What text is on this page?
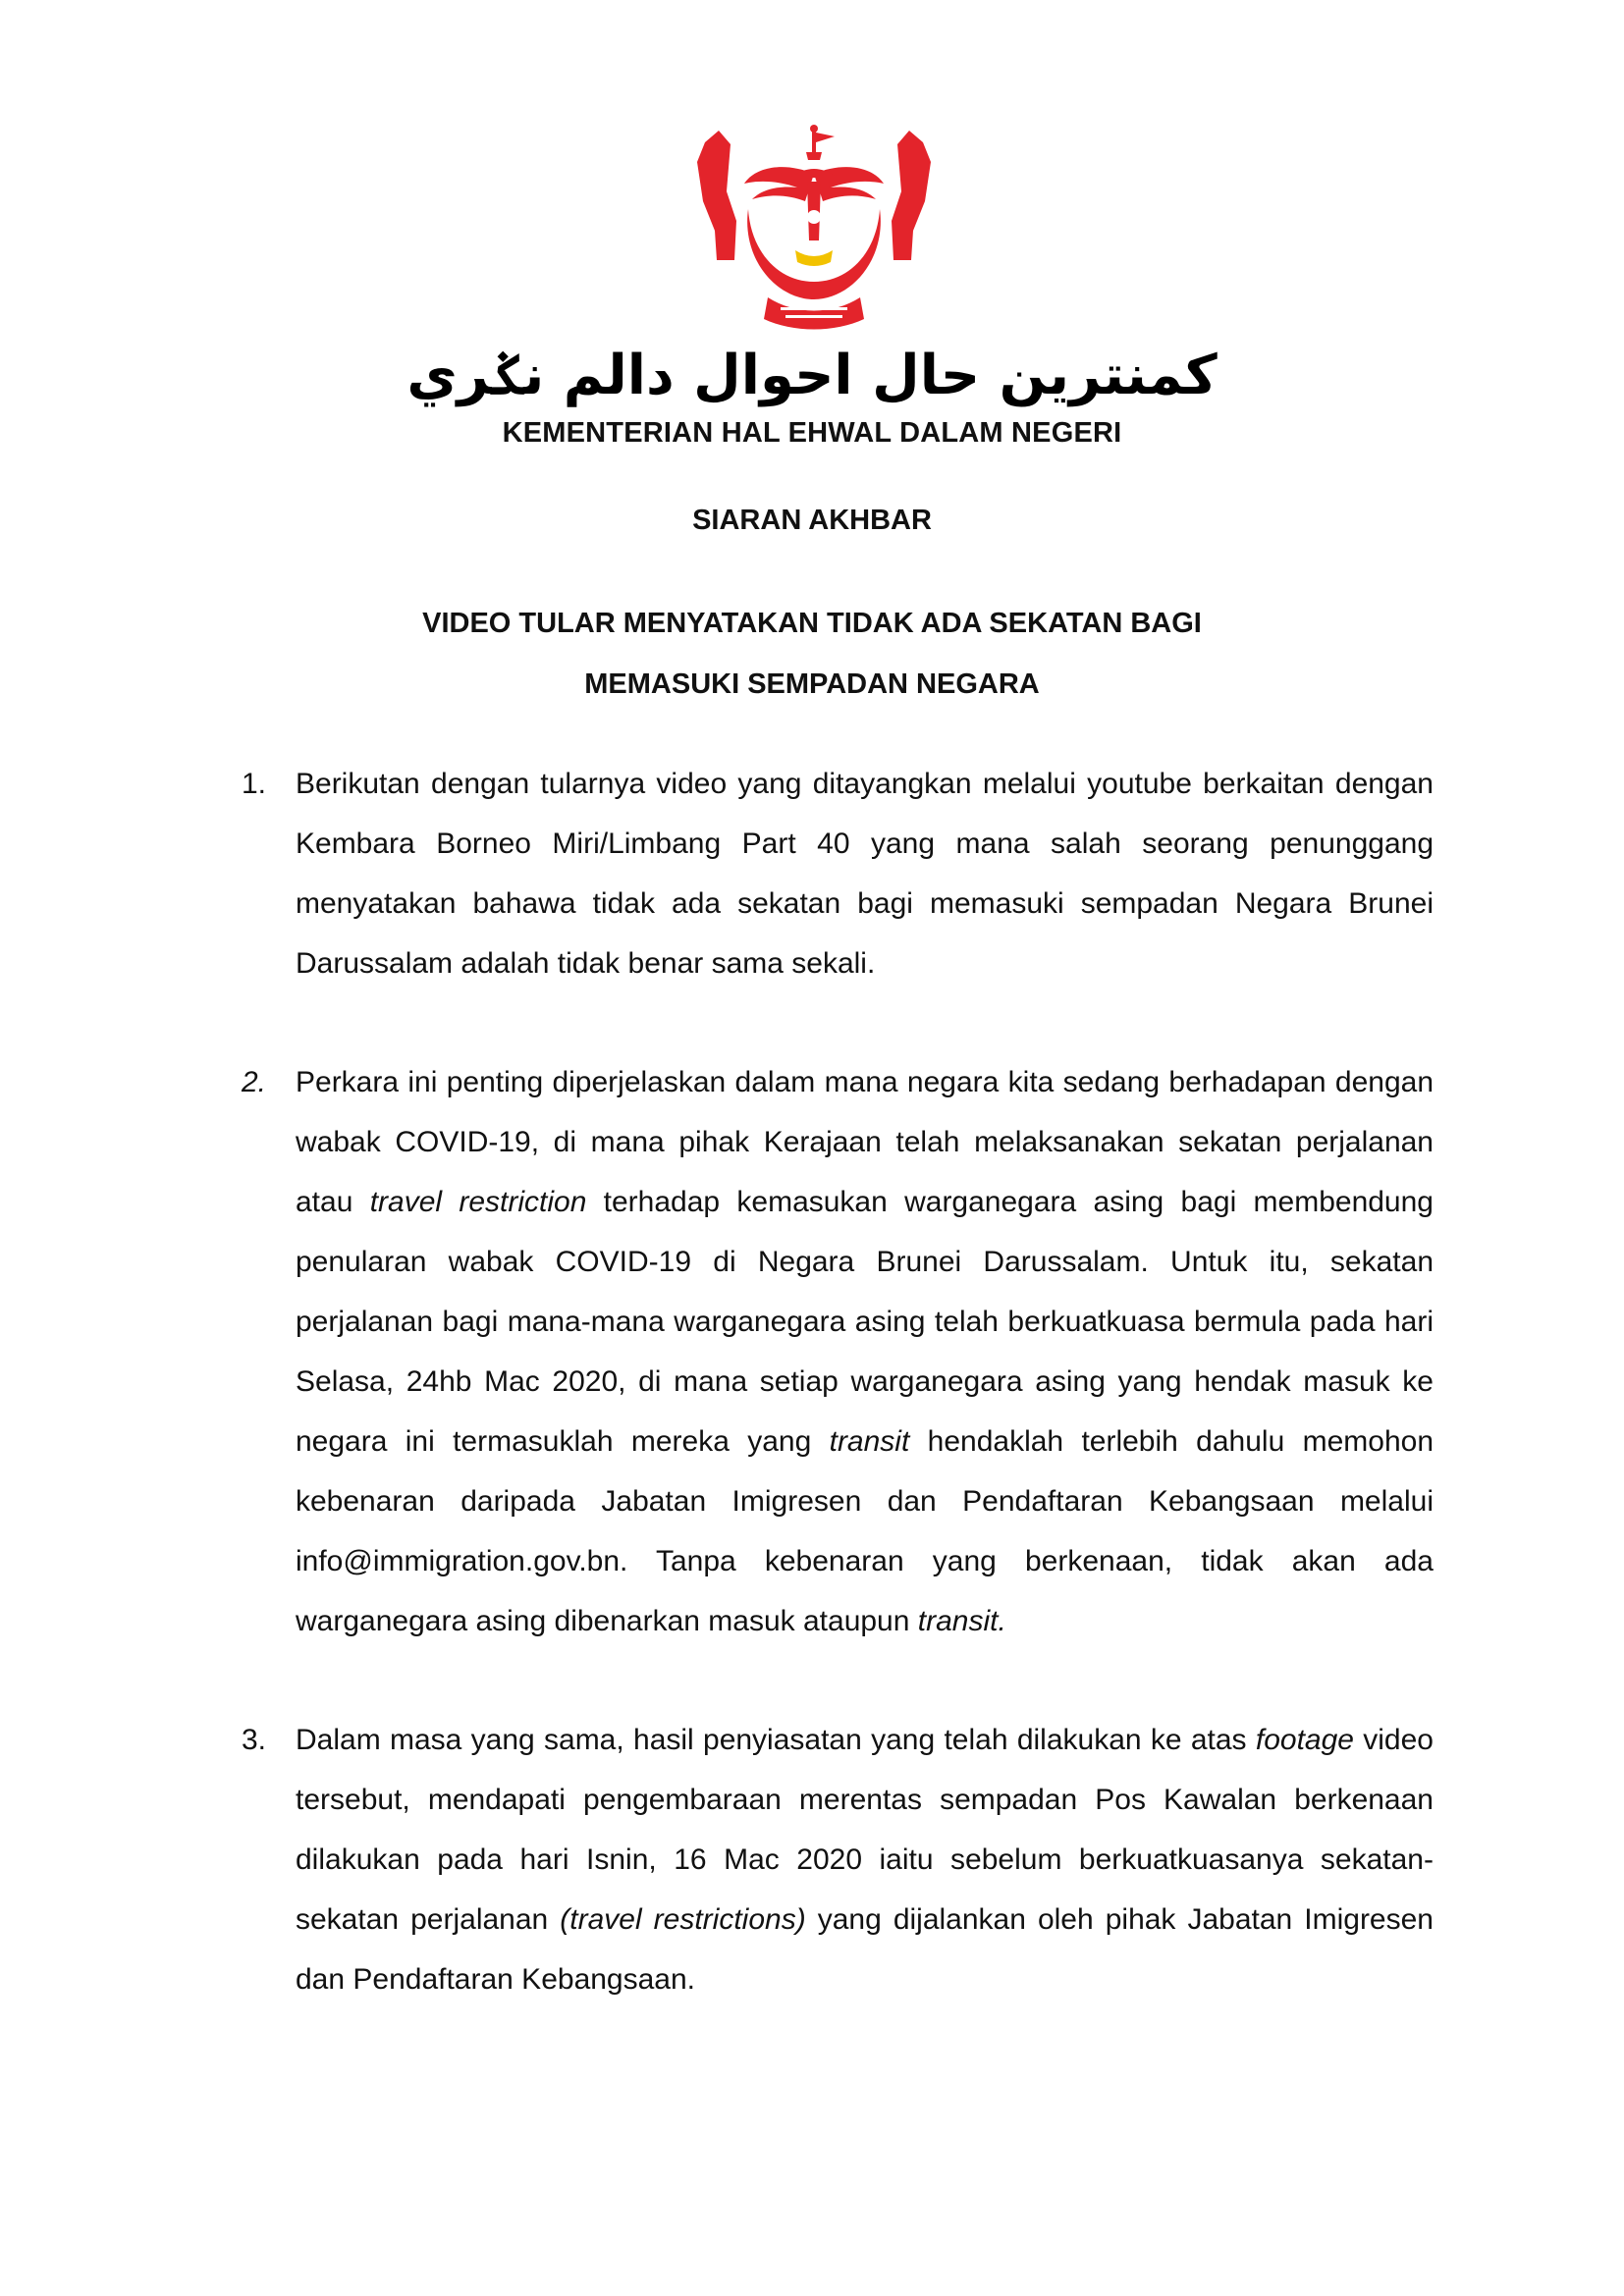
كمنترين حال احوال دالم نݢري
KEMENTERIAN HAL EHWAL DALAM NEGERI
SIARAN AKHBAR
VIDEO TULAR MENYATAKAN TIDAK ADA SEKATAN BAGI
MEMASUKI SEMPADAN NEGARA
1. Berikutan dengan tularnya video yang ditayangkan melalui youtube berkaitan dengan Kembara Borneo Miri/Limbang Part 40 yang mana salah seorang penunggang menyatakan bahawa tidak ada sekatan bagi memasuki sempadan Negara Brunei Darussalam adalah tidak benar sama sekali.
2. Perkara ini penting diperjelaskan dalam mana negara kita sedang berhadapan dengan wabak COVID-19, di mana pihak Kerajaan telah melaksanakan sekatan perjalanan atau travel restriction terhadap kemasukan warganegara asing bagi membendung penularan wabak COVID-19 di Negara Brunei Darussalam. Untuk itu, sekatan perjalanan bagi mana-mana warganegara asing telah berkuatkuasa bermula pada hari Selasa, 24hb Mac 2020, di mana setiap warganegara asing yang hendak masuk ke negara ini termasuklah mereka yang transit hendaklah terlebih dahulu memohon kebenaran daripada Jabatan Imigresen dan Pendaftaran Kebangsaan melalui info@immigration.gov.bn. Tanpa kebenaran yang berkenaan, tidak akan ada warganegara asing dibenarkan masuk ataupun transit.
3. Dalam masa yang sama, hasil penyiasatan yang telah dilakukan ke atas footage video tersebut, mendapati pengembaraan merentas sempadan Pos Kawalan berkenaan dilakukan pada hari Isnin, 16 Mac 2020 iaitu sebelum berkuatkuasanya sekatan-sekatan perjalanan (travel restrictions) yang dijalankan oleh pihak Jabatan Imigresen dan Pendaftaran Kebangsaan.
